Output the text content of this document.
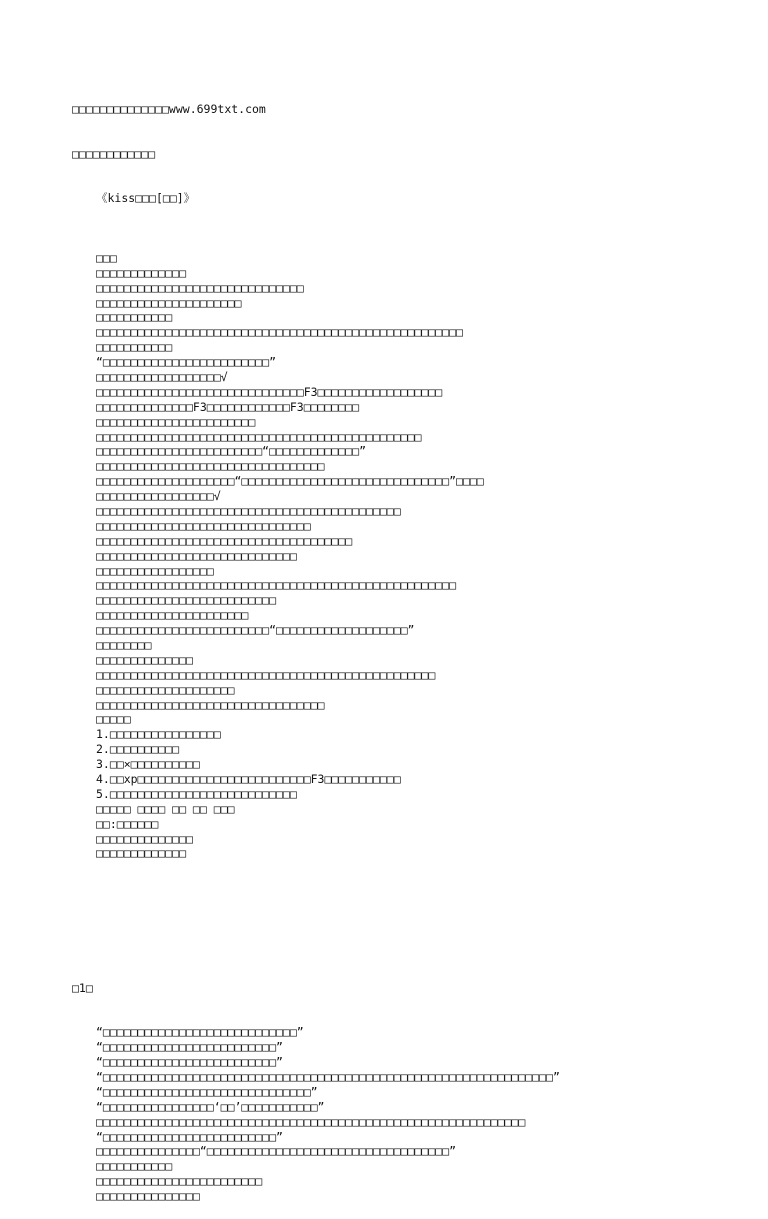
□□□□□□□□□□□□□□www.699txt.com

□□□□□□□□□□□□

《kiss□□□[□□]》

□□□
□□□□□□□□□□□□□
□□□□□□□□□□□□□□□□□□□□□□□□□□□□□□
□□□□□□□□□□□□□□□□□□□□□
□□□□□□□□□□□
□□□□□□□□□□□□□□□□□□□□□□□□□□□□□□□□□□□□□□□□□□□□□□□□□□□□□
□□□□□□□□□□□
“□□□□□□□□□□□□□□□□□□□□□□□□”
□□□□□□□□□□□□□□□□□□√
□□□□□□□□□□□□□□□□□□□□□□□□□□□□□□F3□□□□□□□□□□□□□□□□□□
□□□□□□□□□□□□□□F3□□□□□□□□□□□□F3□□□□□□□□
□□□□□□□□□□□□□□□□□□□□□□□
□□□□□□□□□□□□□□□□□□□□□□□□□□□□□□□□□□□□□□□□□□□□□□□
□□□□□□□□□□□□□□□□□□□□□□□□“□□□□□□□□□□□□□”
□□□□□□□□□□□□□□□□□□□□□□□□□□□□□□□□□
□□□□□□□□□□□□□□□□□□□□“□□□□□□□□□□□□□□□□□□□□□□□□□□□□□□”□□□□
□□□□□□□□□□□□□□□□□√
□□□□□□□□□□□□□□□□□□□□□□□□□□□□□□□□□□□□□□□□□□□□
□□□□□□□□□□□□□□□□□□□□□□□□□□□□□□□
□□□□□□□□□□□□□□□□□□□□□□□□□□□□□□□□□□□□□
□□□□□□□□□□□□□□□□□□□□□□□□□□□□□
□□□□□□□□□□□□□□□□□
□□□□□□□□□□□□□□□□□□□□□□□□□□□□□□□□□□□□□□□□□□□□□□□□□□□□
□□□□□□□□□□□□□□□□□□□□□□□□□□
□□□□□□□□□□□□□□□□□□□□□□
□□□□□□□□□□□□□□□□□□□□□□□□□“□□□□□□□□□□□□□□□□□□□”
□□□□□□□□
□□□□□□□□□□□□□□
□□□□□□□□□□□□□□□□□□□□□□□□□□□□□□□□□□□□□□□□□□□□□□□□□
□□□□□□□□□□□□□□□□□□□□
□□□□□□□□□□□□□□□□□□□□□□□□□□□□□□□□□
□□□□□
1.□□□□□□□□□□□□□□□□
2.□□□□□□□□□□
3.□□×□□□□□□□□□□
4.□□xp□□□□□□□□□□□□□□□□□□□□□□□□□F3□□□□□□□□□□□
5.□□□□□□□□□□□□□□□□□□□□□□□□□□□
□□□□□ □□□□ □□ □□ □□□
□□:□□□□□□
□□□□□□□□□□□□□□
□□□□□□□□□□□□□

□1□

“□□□□□□□□□□□□□□□□□□□□□□□□□□□□”
“□□□□□□□□□□□□□□□□□□□□□□□□□”
“□□□□□□□□□□□□□□□□□□□□□□□□□”
“□□□□□□□□□□□□□□□□□□□□□□□□□□□□□□□□□□□□□□□□□□□□□□□□□□□□□□□□□□□□□□□□□”
“□□□□□□□□□□□□□□□□□□□□□□□□□□□□□□”
“□□□□□□□□□□□□□□□□‘□□’□□□□□□□□□□□”
□□□□□□□□□□□□□□□□□□□□□□□□□□□□□□□□□□□□□□□□□□□□□□□□□□□□□□□□□□□□□□
“□□□□□□□□□□□□□□□□□□□□□□□□□”
□□□□□□□□□□□□□□□“□□□□□□□□□□□□□□□□□□□□□□□□□□□□□□□□□□□”
□□□□□□□□□□□
□□□□□□□□□□□□□□□□□□□□□□□□
□□□□□□□□□□□□□□□
